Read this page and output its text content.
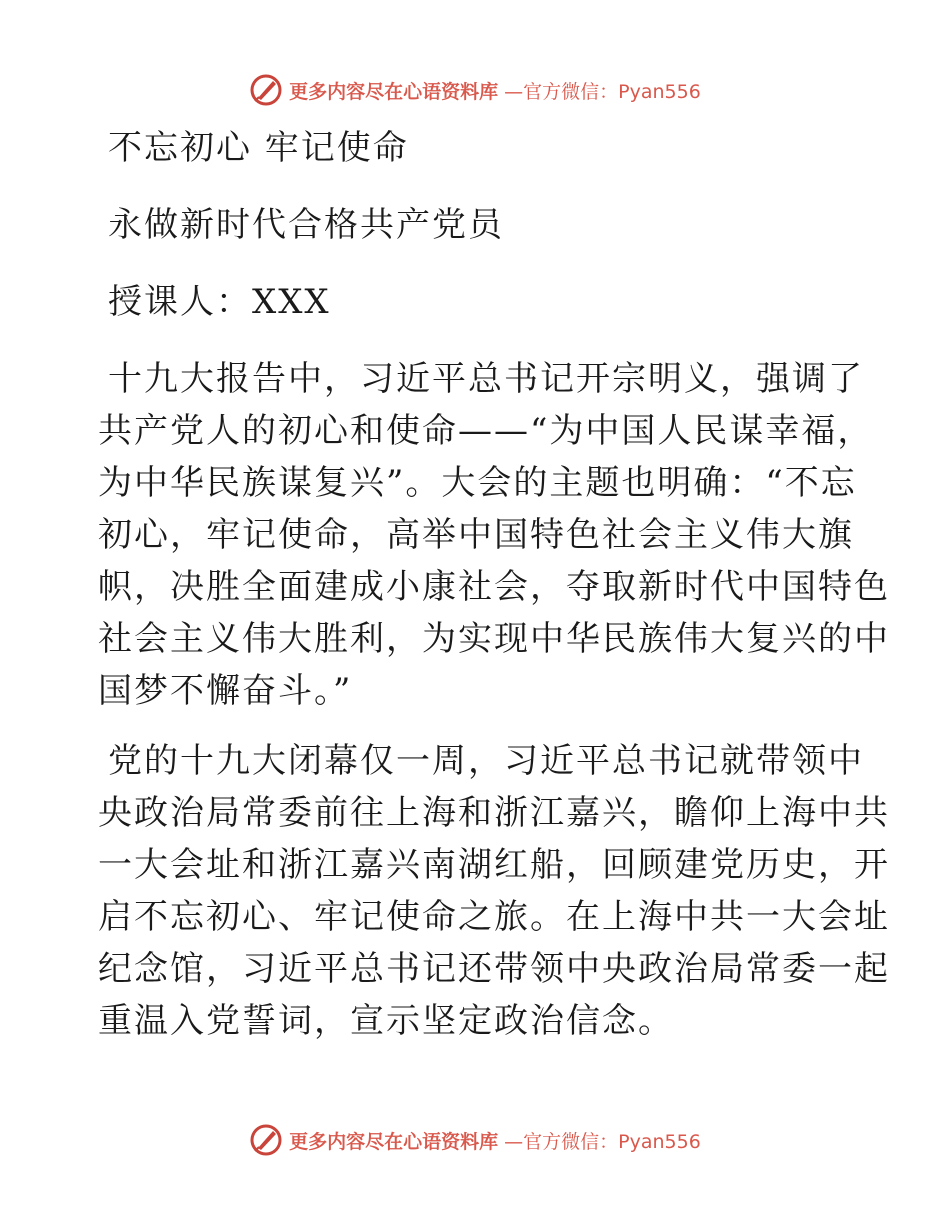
更多内容尽在心语资料库 —官方微信：Pyan556
不忘初心 牢记使命
永做新时代合格共产党员
授课人：XXX
十九大报告中，习近平总书记开宗明义，强调了
共产党人的初心和使命——“为中国人民谋幸福，
为中华民族谋复兴”。大会的主题也明确：“不忘
初心，牢记使命，高举中国特色社会主义伟大旗
帜，决胜全面建成小康社会，夺取新时代中国特色
社会主义伟大胜利，为实现中华民族伟大复兴的中
国梦不懈奋斗。”
党的十九大闭幕仅一周，习近平总书记就带领中
央政治局常委前往上海和浙江嘉兴，瞻仰上海中共
一大会址和浙江嘉兴南湖红船，回顾建党历史，开
启不忘初心、牢记使命之旅。在上海中共一大会址
纪念馆，习近平总书记还带领中央政治局常委一起
重温入党誓词，宣示坚定政治信念。
更多内容尽在心语资料库 —官方微信：Pyan556
